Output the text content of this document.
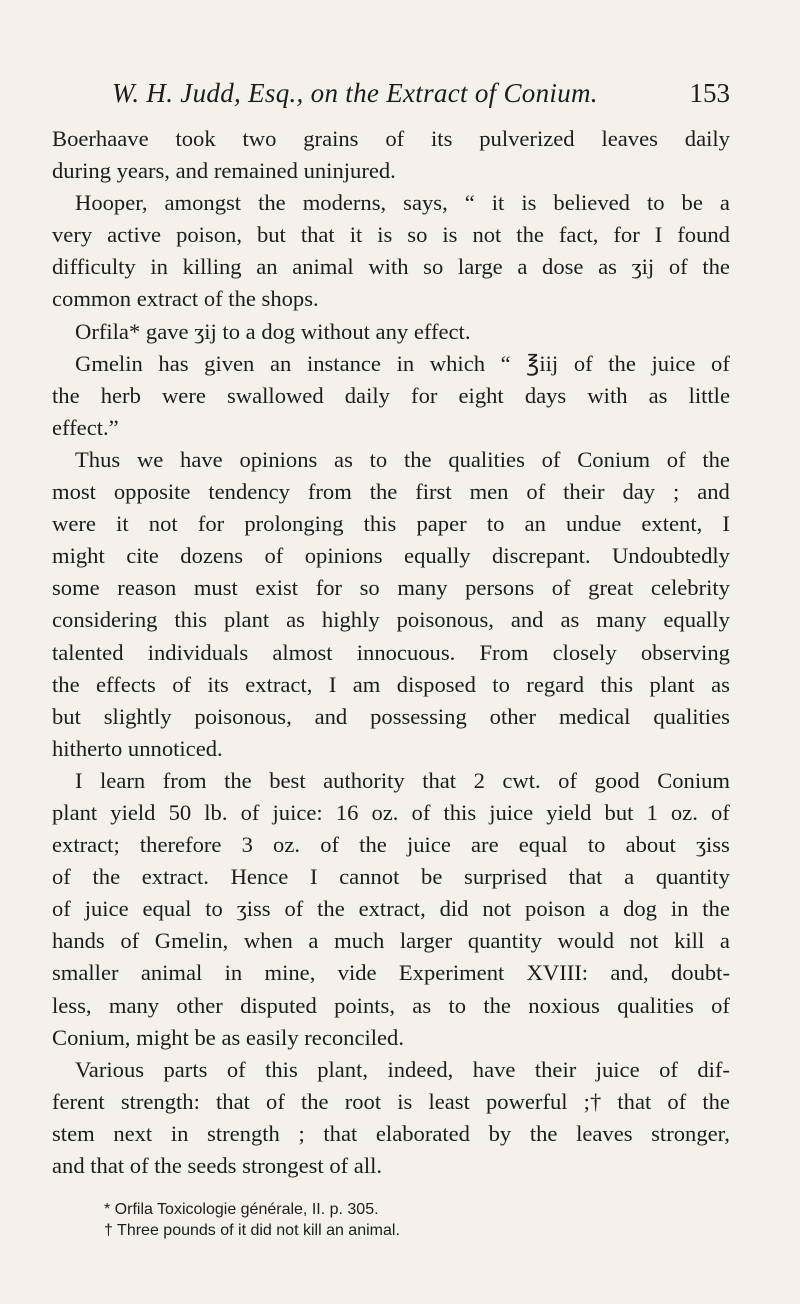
W. H. Judd, Esq., on the Extract of Conium.	153
Boerhaave took two grains of its pulverized leaves daily
during years, and remained uninjured.
Hooper, amongst the moderns, says, “ it is believed to be a
very active poison, but that it is so is not the fact, for I found
difficulty in killing an animal with so large a dose as ʒij of the
common extract of the shops.
Orfila* gave ʒij to a dog without any effect.
Gmelin has given an instance in which “ ℥iij of the juice of
the herb were swallowed daily for eight days with as little
effect.”
Thus we have opinions as to the qualities of Conium of the
most opposite tendency from the first men of their day ; and
were it not for prolonging this paper to an undue extent, I
might cite dozens of opinions equally discrepant. Undoubtedly
some reason must exist for so many persons of great celebrity
considering this plant as highly poisonous, and as many equally
talented individuals almost innocuous. From closely observing
the effects of its extract, I am disposed to regard this plant as
but slightly poisonous, and possessing other medical qualities
hitherto unnoticed.
I learn from the best authority that 2 cwt. of good Conium
plant yield 50 lb. of juice: 16 oz. of this juice yield but 1 oz. of
extract; therefore 3 oz. of the juice are equal to about ʒiss
of the extract. Hence I cannot be surprised that a quantity
of juice equal to ʒiss of the extract, did not poison a dog in the
hands of Gmelin, when a much larger quantity would not kill a
smaller animal in mine, vide Experiment XVIII: and, doubt-
less, many other disputed points, as to the noxious qualities of
Conium, might be as easily reconciled.
Various parts of this plant, indeed, have their juice of dif-
ferent strength: that of the root is least powerful ;† that of the
stem next in strength ; that elaborated by the leaves stronger,
and that of the seeds strongest of all.
* Orfila Toxicologie générale, II. p. 305.
† Three pounds of it did not kill an animal.
